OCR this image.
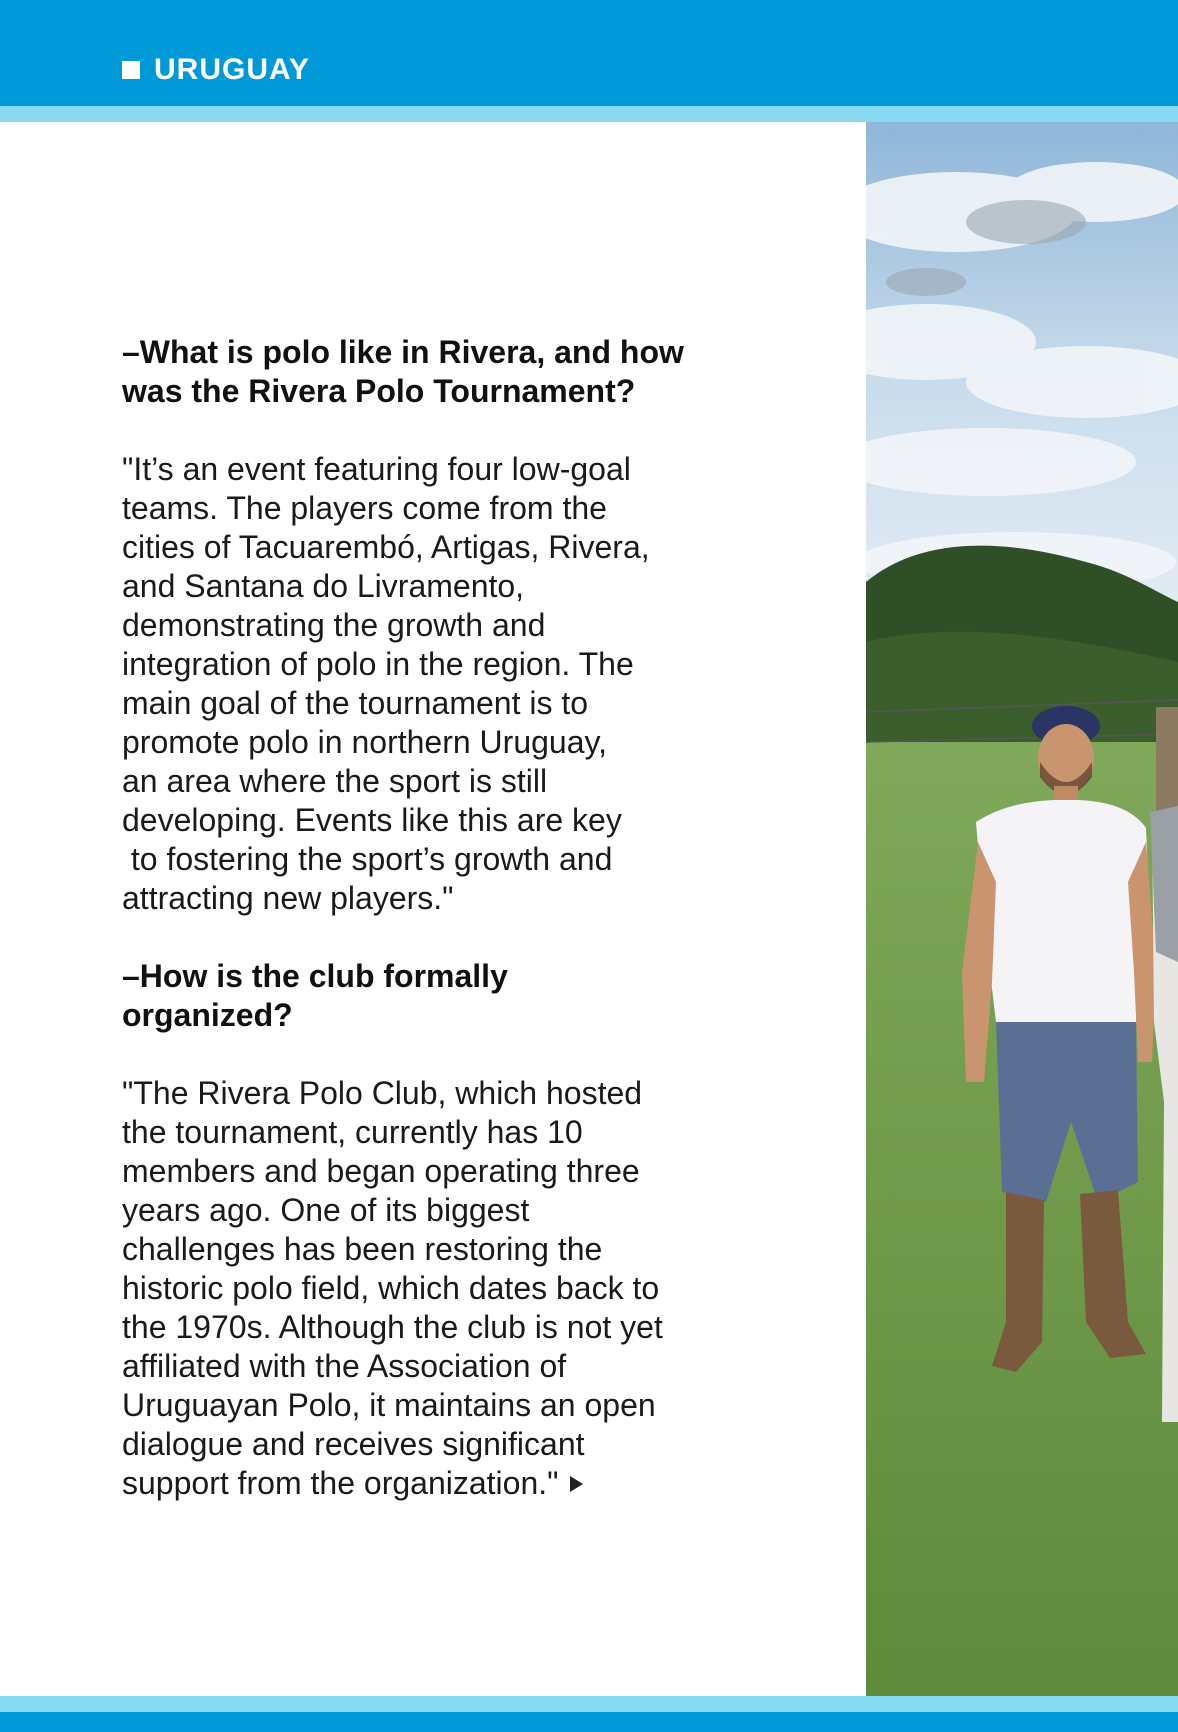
URUGUAY
–What is polo like in Rivera, and how
was the Rivera Polo Tournament?

"It’s an event featuring four low-goal
teams. The players come from the
cities of Tacuarembó, Artigas, Rivera,
and Santana do Livramento,
demonstrating the growth and
integration of polo in the region. The
main goal of the tournament is to
promote polo in northern Uruguay,
an area where the sport is still
developing. Events like this are key
to fostering the sport’s growth and
attracting new players."

–How is the club formally
organized?

"The Rivera Polo Club, which hosted
the tournament, currently has 10
members and began operating three
years ago. One of its biggest
challenges has been restoring the
historic polo field, which dates back to
the 1970s. Although the club is not yet
affiliated with the Association of
Uruguayan Polo, it maintains an open
dialogue and receives significant
support from the organization."
